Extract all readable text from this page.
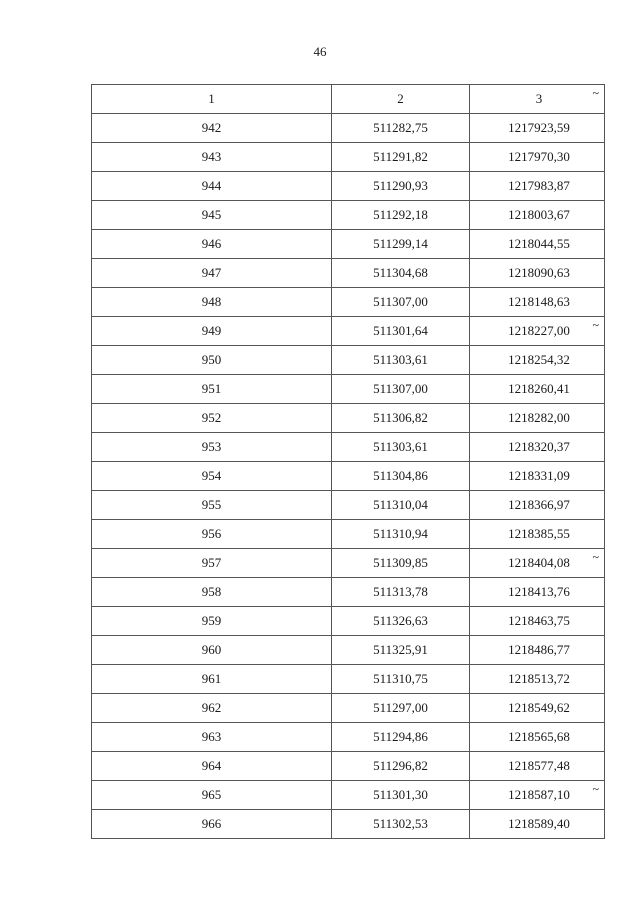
46
1	2	3 ~

942	511282,75	1217923,59
943	511291,82	1217970,30
944	511290,93	1217983,87
945	511292,18	1218003,67
946	511299,14	1218044,55
947	511304,68	1218090,63
948	511307,00	1218148,63
949	511301,64	1218227,00 ~

950	511303,61	1218254,32
951	511307,00	1218260,41
952	511306,82	1218282,00
953	511303,61	1218320,37
954	511304,86	1218331,09
955	511310,04	1218366,97
956	511310,94	1218385,55
957	511309,85	1218404,08 ~

958	511313,78	1218413,76
959	511326,63	1218463,75
960	511325,91	1218486,77
961	511310,75	1218513,72
962	511297,00	1218549,62
963	511294,86	1218565,68
964	511296,82	1218577,48
965	511301,30	1218587,10 ~

966	511302,53	1218589,40
